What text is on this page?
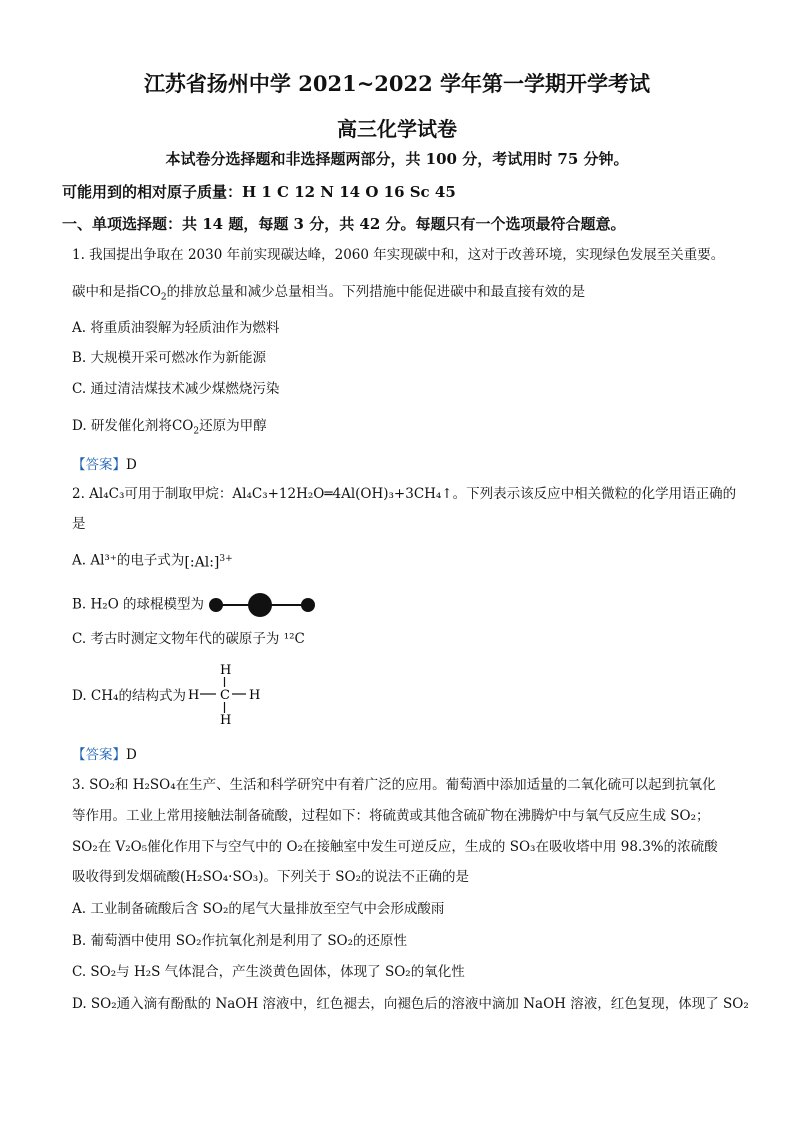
江苏省扬州中学 2021~2022 学年第一学期开学考试
高三化学试卷
本试卷分选择题和非选择题两部分，共 100 分，考试用时 75 分钟。
可能用到的相对原子质量：H 1 C 12 N 14 O 16 Sc 45
一、单项选择题：共 14 题，每题 3 分，共 42 分。每题只有一个选项最符合题意。
1. 我国提出争取在 2030 年前实现碳达峰，2060 年实现碳中和，这对于改善环境，实现绿色发展至关重要。
碳中和是指$CO_2$的排放总量和减少总量相当。下列措施中能促进碳中和最直接有效的是
A. 将重质油裂解为轻质油作为燃料
B. 大规模开采可燃冰作为新能源
C. 通过清洁煤技术减少煤燃烧污染
D. 研发催化剂将$CO_2$还原为甲醇
【答案】D
2. Al₄C₃可用于制取甲烷：Al₄C₃+12H₂O═4Al(OH)₃+3CH₄↑。下列表示该反应中相关微粒的化学用语正确的
是
A. Al³⁺的电子式为[:Al:]$^{3+}$
B. H₂O 的球棍模型为
C. 考古时测定文物年代的碳原子为 ¹²C
D. CH₄的结构式为
H
H C H
H
【答案】D
3. SO₂和 H₂SO₄在生产、生活和科学研究中有着广泛的应用。葡萄酒中添加适量的二氧化硫可以起到抗氧化
等作用。工业上常用接触法制备硫酸，过程如下：将硫黄或其他含硫矿物在沸腾炉中与氧气反应生成 SO₂；
SO₂在 V₂O₅催化作用下与空气中的 O₂在接触室中发生可逆反应，生成的 SO₃在吸收塔中用 98.3%的浓硫酸
吸收得到发烟硫酸(H₂SO₄·SO₃)。下列关于 SO₂的说法不正确的是
A. 工业制备硫酸后含 SO₂的尾气大量排放至空气中会形成酸雨
B. 葡萄酒中使用 SO₂作抗氧化剂是利用了 SO₂的还原性
C. SO₂与 H₂S 气体混合，产生淡黄色固体，体现了 SO₂的氧化性
D. SO₂通入滴有酚酞的 NaOH 溶液中，红色褪去，向褪色后的溶液中滴加 NaOH 溶液，红色复现，体现了 SO₂
